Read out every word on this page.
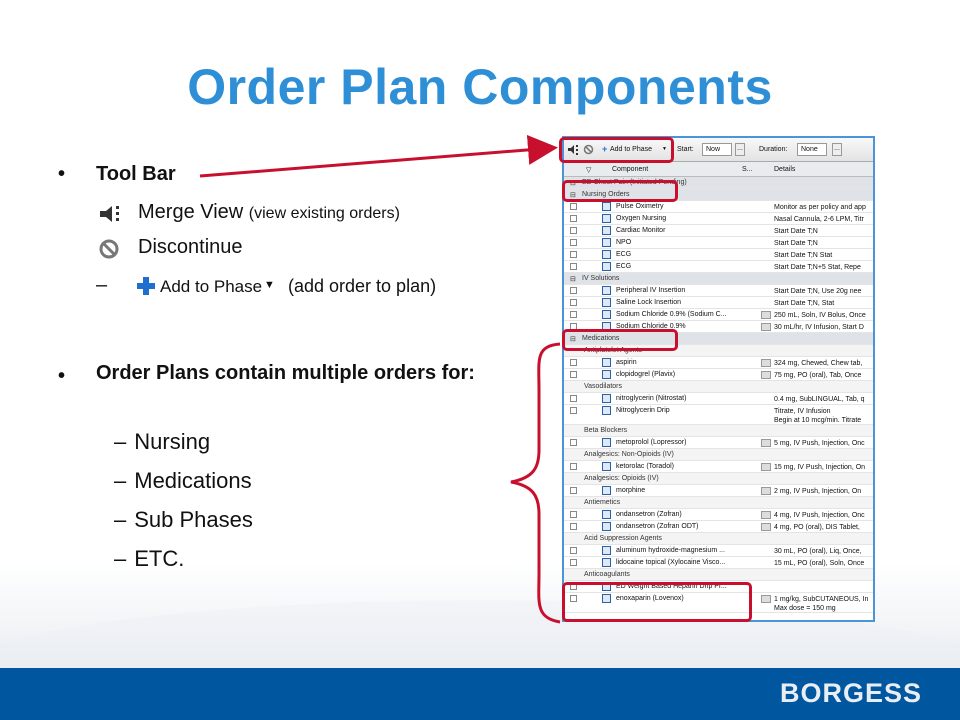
BORGESS
Order Plan Components
• Tool Bar
Merge View (view existing orders)
Discontinue
–	Add to Phase ▼ (add order to plan)
• Order Plans contain multiple orders for:
– Nursing
– Medications
– Sub Phases
– ETC.
+ Add to Phase ▼ Start:	Now	... Duration:	None	...
▽	Component	S...	Details
⊟ ED Chest Pain (Initiated Pending)
⊟ Nursing Orders
Pulse Oximetry	Monitor as per policy and app
Oxygen Nursing	Nasal Cannula, 2-6 LPM, Titr
Cardiac Monitor	Start Date T;N
NPO	Start Date T;N
ECG	Start Date T;N Stat
ECG	Start Date T;N+5 Stat, Repe
⊟ IV Solutions
Peripheral IV Insertion	Start Date T;N, Use 20g nee
Saline Lock Insertion	Start Date T;N, Stat
Sodium Chloride 0.9% (Sodium C...	250 mL, Soln, IV Bolus, Once
Sodium Chloride 0.9%	30 mL/hr, IV Infusion, Start D
⊟ Medications
Antiplatelet Agents
aspirin	324 mg, Chewed, Chew tab,
clopidogrel (Plavix)	75 mg, PO (oral), Tab, Once
Vasodilators
nitroglycerin (Nitrostat)	0.4 mg, SubLINGUAL, Tab, q
Nitroglycerin Drip	Titrate, IV Infusion
Begin at 10 mcg/min. Titrate
Beta Blockers
metoprolol (Lopressor)	5 mg, IV Push, Injection, Onc
Analgesics: Non-Opioids (IV)
ketorolac (Toradol)	15 mg, IV Push, Injection, On
Analgesics: Opioids (IV)
morphine	2 mg, IV Push, Injection, On
Antiemetics
ondansetron (Zofran)	4 mg, IV Push, Injection, Onc
ondansetron (Zofran ODT)	4 mg, PO (oral), DIS Tablet,
Acid Suppression Agents
aluminum hydroxide-magnesium ...	30 mL, PO (oral), Liq, Once,
lidocaine topical (Xylocaine Visco...	15 mL, PO (oral), Soln, Once
Anticoagulants
ED Weight Based Heparin Drip Pr...
enoxaparin (Lovenox)	1 mg/kg, SubCUTANEOUS, In
Max dose = 150 mg
